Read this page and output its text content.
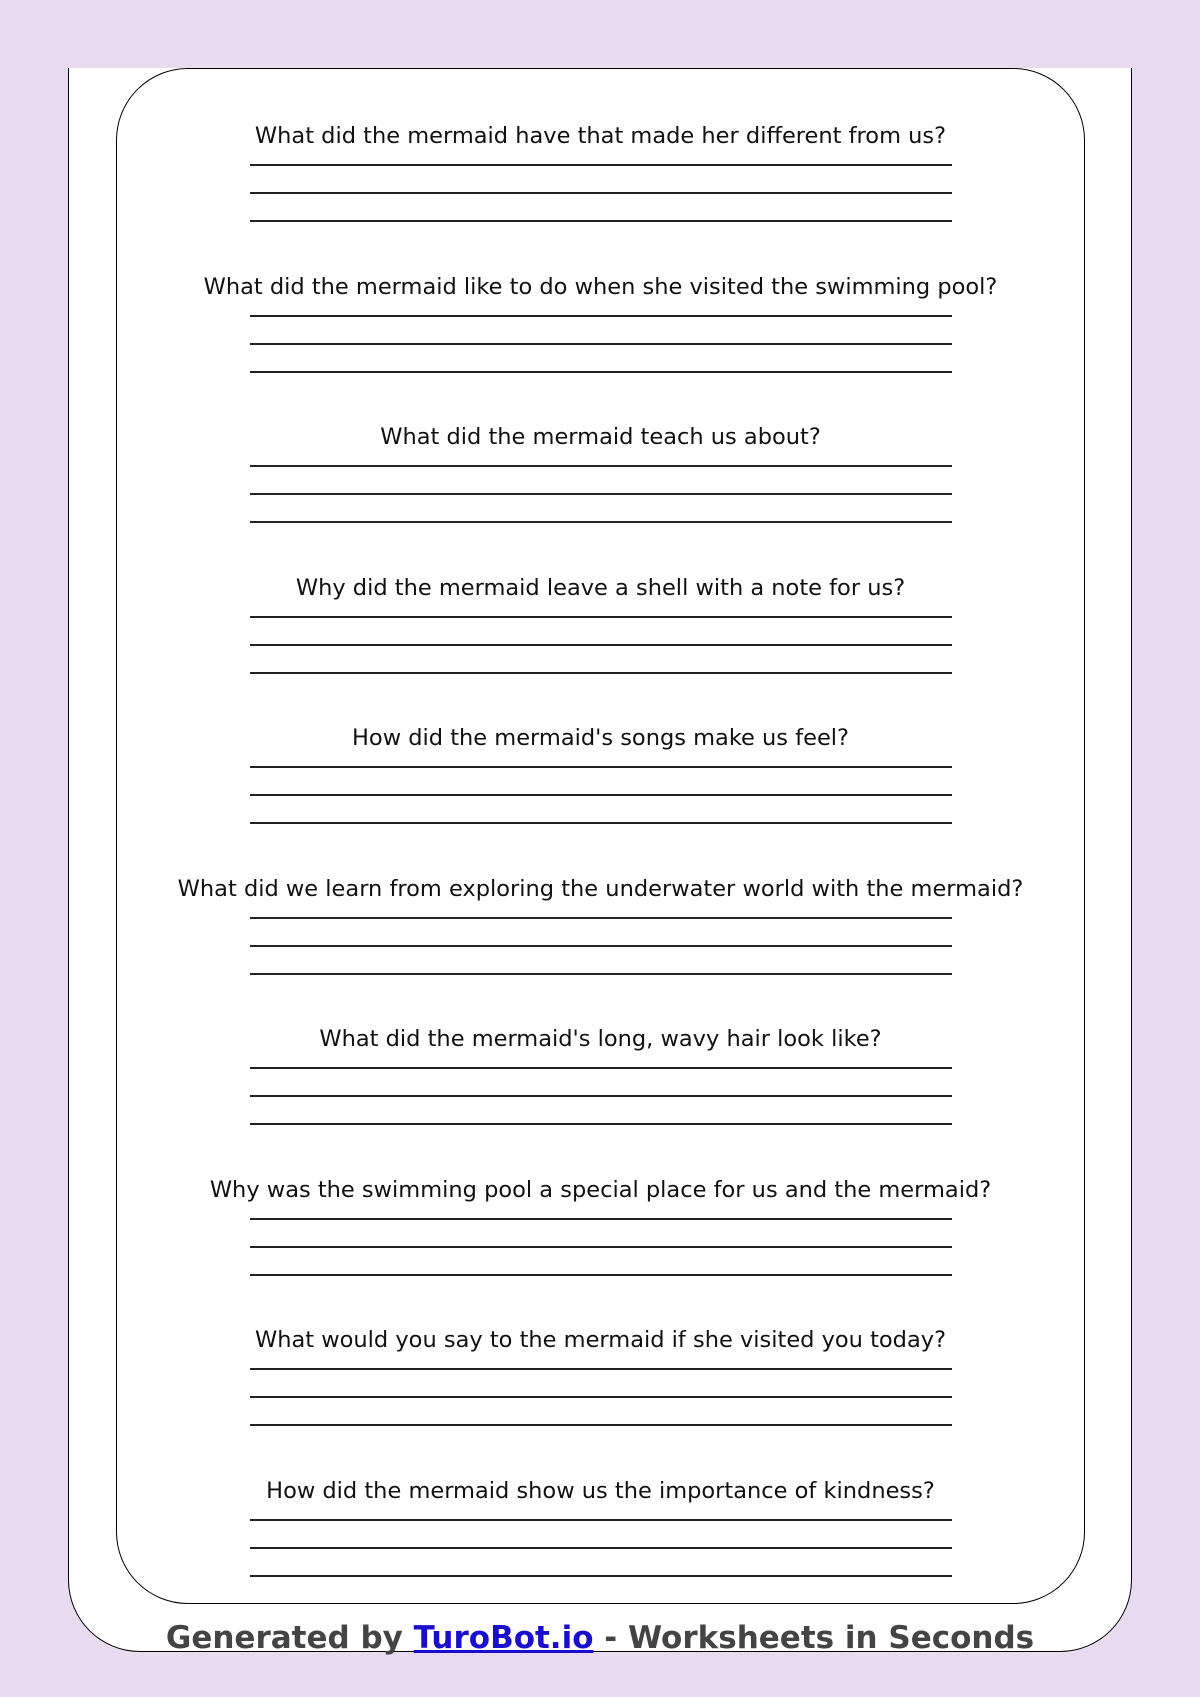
What did the mermaid have that made her different from us?

What did the mermaid like to do when she visited the swimming pool?

What did the mermaid teach us about?

Why did the mermaid leave a shell with a note for us?

How did the mermaid's songs make us feel?

What did we learn from exploring the underwater world with the mermaid?

What did the mermaid's long, wavy hair look like?

Why was the swimming pool a special place for us and the mermaid?

What would you say to the mermaid if she visited you today?

How did the mermaid show us the importance of kindness?

Generated by TuroBot.io - Worksheets in Seconds
